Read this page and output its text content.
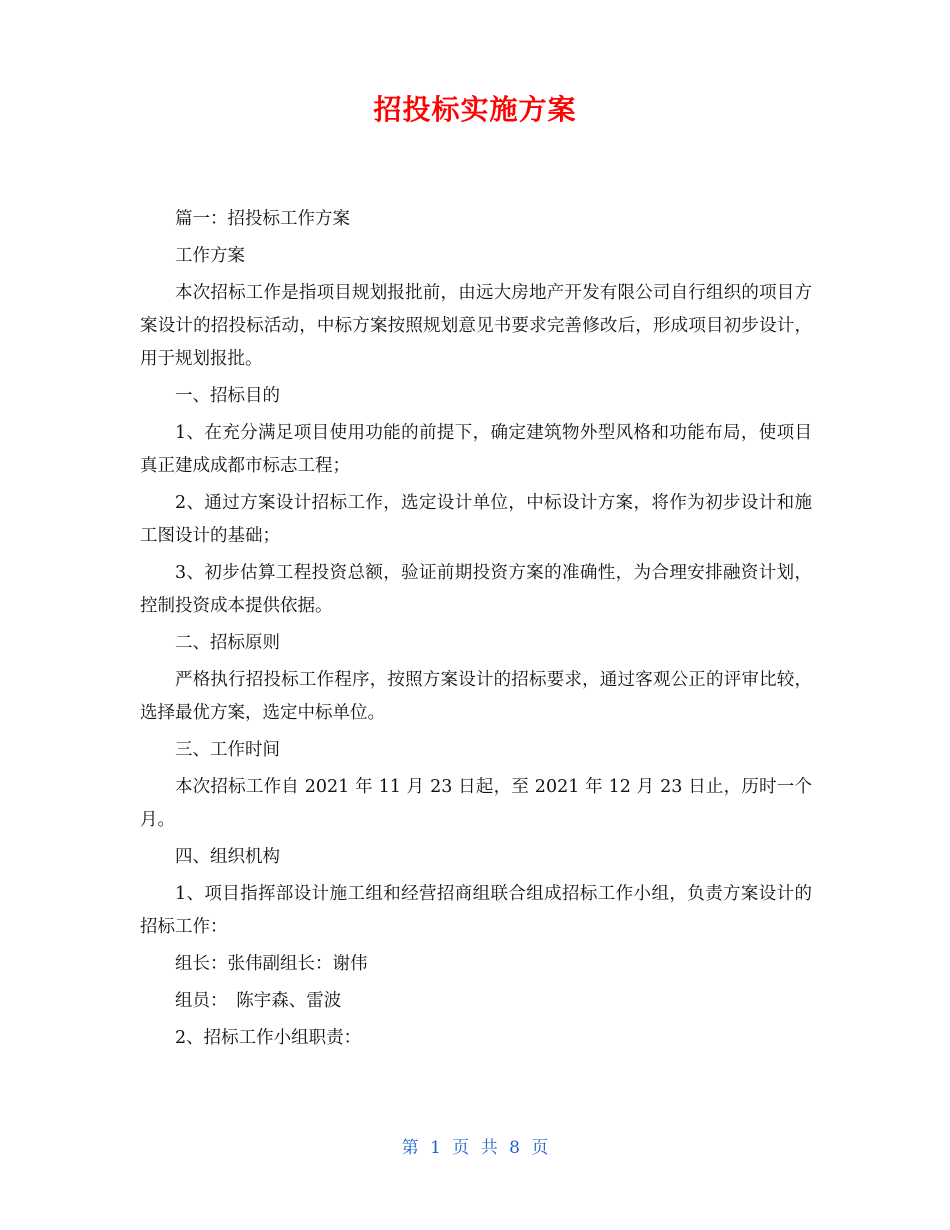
招投标实施方案

篇一：招投标工作方案

工作方案

本次招标工作是指项目规划报批前，由远大房地产开发有限公司自行组织的项目方案设计的招投标活动，中标方案按照规划意见书要求完善修改后，形成项目初步设计，用于规划报批。

一、招标目的

1、在充分满足项目使用功能的前提下，确定建筑物外型风格和功能布局，使项目真正建成成都市标志工程；

2、通过方案设计招标工作，选定设计单位，中标设计方案，将作为初步设计和施工图设计的基础；

3、初步估算工程投资总额，验证前期投资方案的准确性，为合理安排融资计划，控制投资成本提供依据。

二、招标原则

严格执行招投标工作程序，按照方案设计的招标要求，通过客观公正的评审比较，选择最优方案，选定中标单位。

三、工作时间

本次招标工作自 2021 年 11 月 23 日起，至 2021 年 12 月 23 日止，历时一个月。

四、组织机构

1、项目指挥部设计施工组和经营招商组联合组成招标工作小组，负责方案设计的招标工作：

组长：张伟副组长：谢伟

组员：　陈宇森、雷波

2、招标工作小组职责：

第 1 页 共 8 页
